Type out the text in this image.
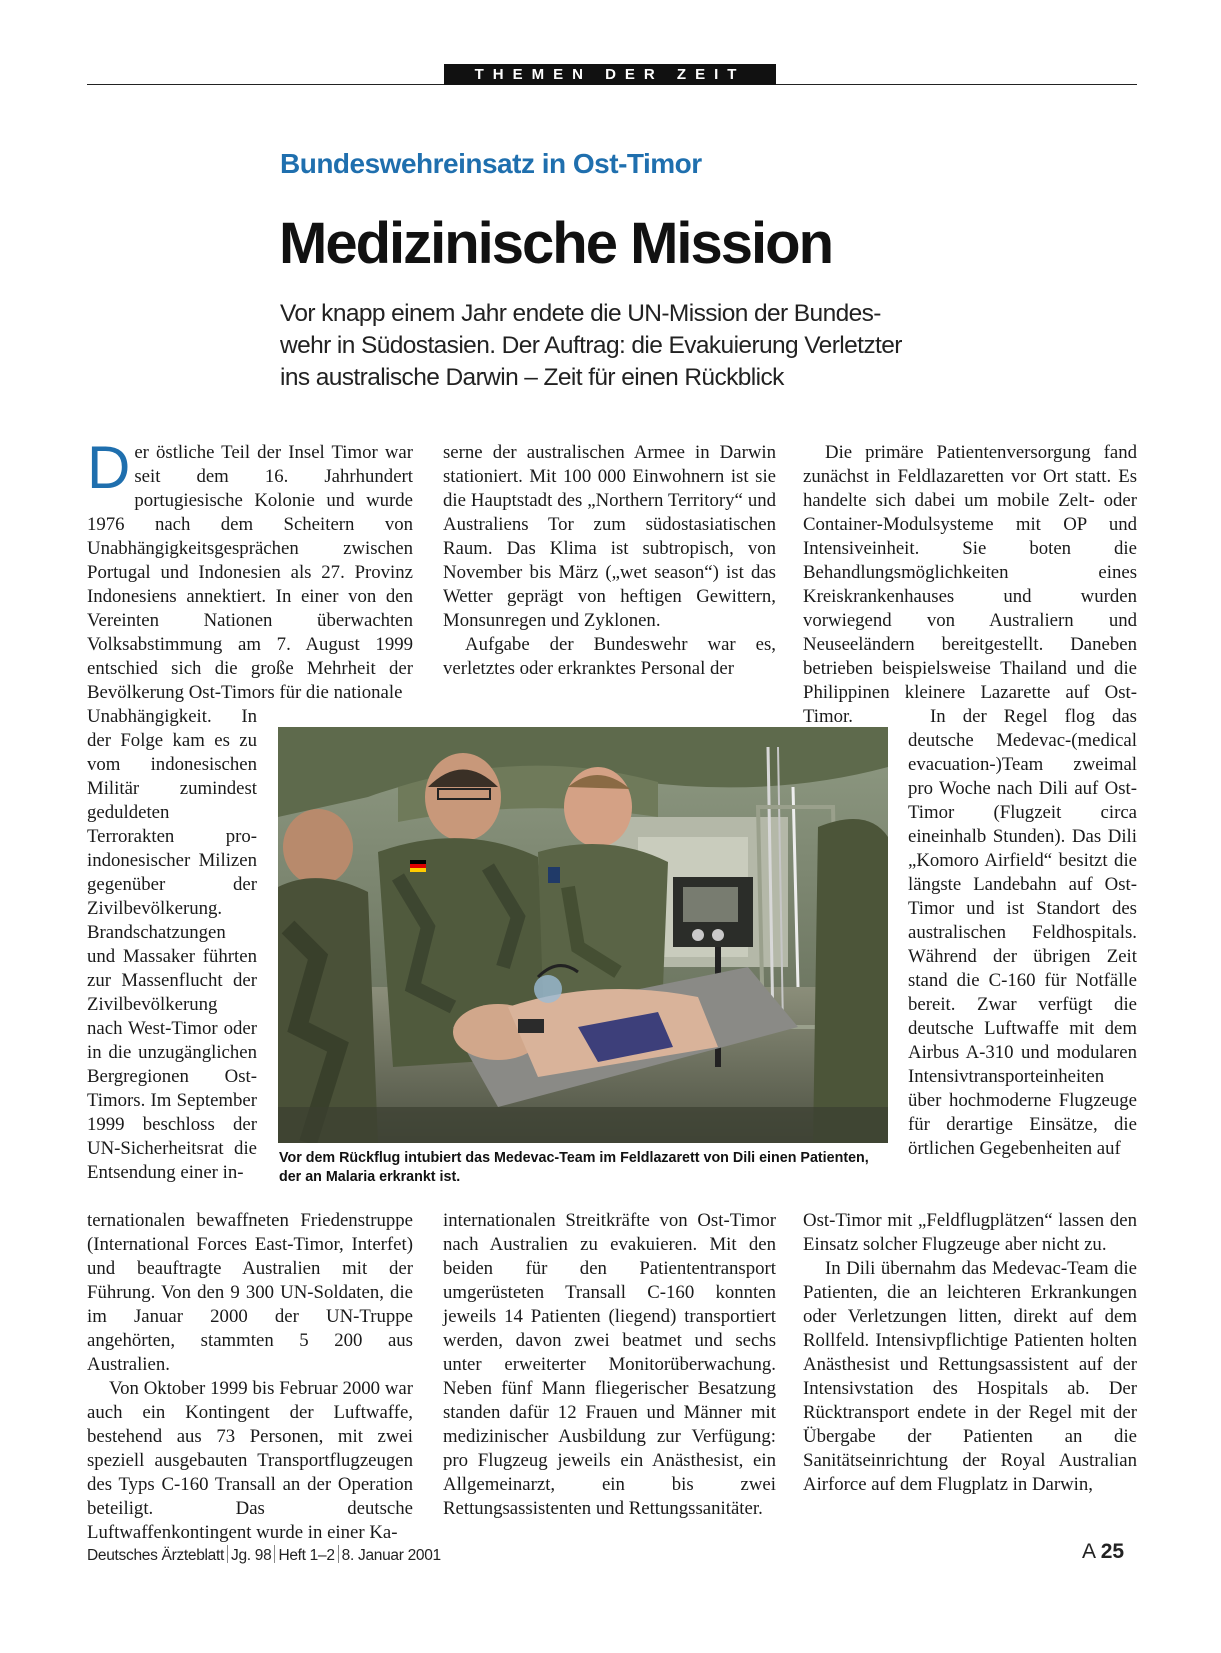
THEMEN DER ZEIT
Bundeswehreinsatz in Ost-Timor
Medizinische Mission
Vor knapp einem Jahr endete die UN-Mission der Bundes-
wehr in Südostasien. Der Auftrag: die Evakuierung Verletzter
ins australische Darwin – Zeit für einen Rückblick
D er östliche Teil der Insel Timor war seit dem 16. Jahrhundert portugiesische Kolonie und wurde 1976 nach dem Scheitern von Unabhängigkeitsgesprächen zwischen Portugal und Indonesien als 27. Provinz Indonesiens annektiert. In einer von den Vereinten Nationen überwachten Volksabstimmung am 7. August 1999 entschied sich die große Mehrheit der Bevölkerung Ost-Timors für die nationale

Unabhängigkeit. In der Folge kam es zu vom indonesischen Militär zumindest geduldeten Terrorakten pro-indonesischer Milizen gegenüber der Zivilbevölkerung. Brandschatzungen und Massaker führten zur Massenflucht der Zivilbevölkerung nach West-Timor oder in die unzugänglichen Bergregionen Ost-Timors. Im September 1999 beschloss der UN-Sicherheitsrat die Entsendung einer in-

ternationalen bewaffneten Friedenstruppe (International Forces East-Timor, Interfet) und beauftragte Australien mit der Führung. Von den 9 300 UN-Soldaten, die im Januar 2000 der UN-Truppe angehörten, stammten 5 200 aus Australien.

Von Oktober 1999 bis Februar 2000 war auch ein Kontingent der Luftwaffe, bestehend aus 73 Personen, mit zwei speziell ausgebauten Transportflugzeugen des Typs C-160 Transall an der Operation beteiligt. Das deutsche Luftwaffenkontingent wurde in einer Ka-

serne der australischen Armee in Darwin stationiert. Mit 100 000 Einwohnern ist sie die Hauptstadt des „Northern Territory“ und Australiens Tor zum südostasiatischen Raum. Das Klima ist subtropisch, von November bis März („wet season“) ist das Wetter geprägt von heftigen Gewittern, Monsunregen und Zyklonen.

Aufgabe der Bundeswehr war es, verletztes oder erkranktes Personal der

internationalen Streitkräfte von Ost-Timor nach Australien zu evakuieren. Mit den beiden für den Patiententransport umgerüsteten Transall C-160 konnten jeweils 14 Patienten (liegend) transportiert werden, davon zwei beatmet und sechs unter erweiterter Monitorüberwachung. Neben fünf Mann fliegerischer Besatzung standen dafür 12 Frauen und Männer mit medizinischer Ausbildung zur Verfügung: pro Flugzeug jeweils ein Anästhesist, ein Allgemeinarzt, ein bis zwei Rettungsassistenten und Rettungssanitäter.

Die primäre Patientenversorgung fand zunächst in Feldlazaretten vor Ort statt. Es handelte sich dabei um mobile Zelt- oder Container-Modulsysteme mit OP und Intensiveinheit. Sie boten die Behandlungsmöglichkeiten eines Kreiskrankenhauses und wurden vorwiegend von Australiern und Neuseeländern bereitgestellt. Daneben betrieben beispielsweise Thailand und die Philippinen kleinere Lazarette auf Ost-Timor.	In der Regel flog das deutsche Medevac-(medical evacuation-)Team zweimal pro Woche nach Dili auf Ost-Timor (Flugzeit circa eineinhalb Stunden). Das Dili „Komoro Airfield“ besitzt die längste Landebahn auf Ost-Timor und ist Standort des australischen Feldhospitals. Während der übrigen Zeit stand die C-160 für Notfälle bereit. Zwar verfügt die deutsche Luftwaffe mit dem Airbus A-310 und modularen Intensivtransporteinheiten über hochmoderne Flugzeuge für derartige Einsätze, die örtlichen Gegebenheiten auf

Ost-Timor mit „Feldflugplätzen“ lassen den Einsatz solcher Flugzeuge aber nicht zu.

In Dili übernahm das Medevac-Team die Patienten, die an leichteren Erkrankungen oder Verletzungen litten, direkt auf dem Rollfeld. Intensivpflichtige Patienten holten Anästhesist und Rettungsassistent auf der Intensivstation des Hospitals ab. Der Rücktransport endete in der Regel mit der Übergabe der Patienten an die Sanitätseinrichtung der Royal Australian Airforce auf dem Flugplatz in Darwin,

Vor dem Rückflug intubiert das Medevac-Team im Feldlazarett von Dili einen Patienten, der an Malaria erkrankt ist.
Deutsches Ärzteblatt Jg. 98 Heft 1–2 8. Januar 2001	A 25
